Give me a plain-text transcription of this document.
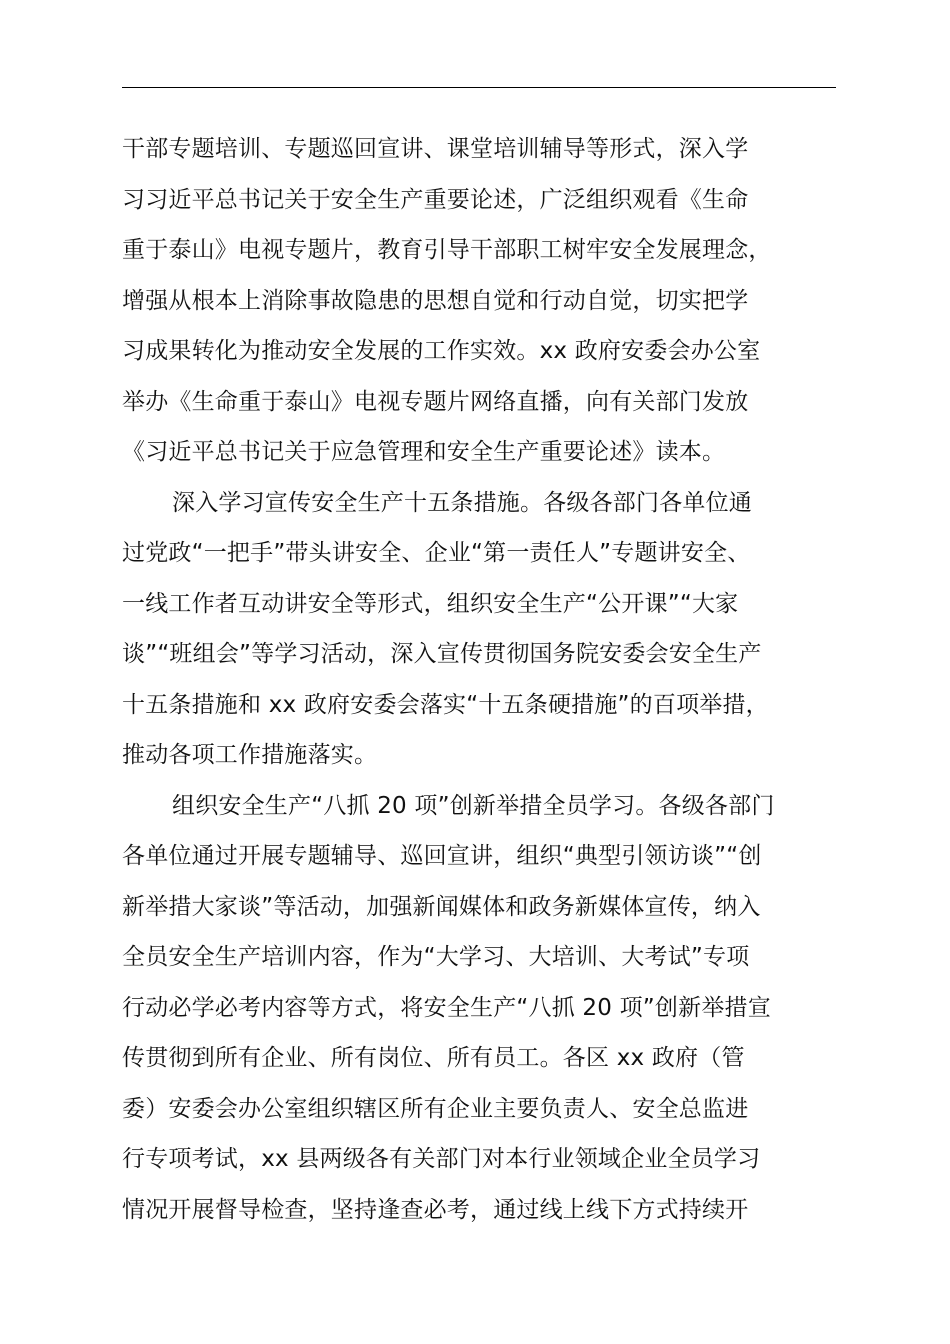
干部专题培训、专题巡回宣讲、课堂培训辅导等形式，深入学
习习近平总书记关于安全生产重要论述，广泛组织观看《生命
重于泰山》电视专题片，教育引导干部职工树牢安全发展理念，
增强从根本上消除事故隐患的思想自觉和行动自觉，切实把学
习成果转化为推动安全发展的工作实效。xx 政府安委会办公室
举办《生命重于泰山》电视专题片网络直播，向有关部门发放
《习近平总书记关于应急管理和安全生产重要论述》读本。
深入学习宣传安全生产十五条措施。各级各部门各单位通
过党政“一把手”带头讲安全、企业“第一责任人”专题讲安全、
一线工作者互动讲安全等形式，组织安全生产“公开课”“大家
谈”“班组会”等学习活动，深入宣传贯彻国务院安委会安全生产
十五条措施和 xx 政府安委会落实“十五条硬措施”的百项举措，
推动各项工作措施落实。
组织安全生产“八抓 20 项”创新举措全员学习。各级各部门
各单位通过开展专题辅导、巡回宣讲，组织“典型引领访谈”“创
新举措大家谈”等活动，加强新闻媒体和政务新媒体宣传，纳入
全员安全生产培训内容，作为“大学习、大培训、大考试”专项
行动必学必考内容等方式，将安全生产“八抓 20 项”创新举措宣
传贯彻到所有企业、所有岗位、所有员工。各区 xx 政府（管
委）安委会办公室组织辖区所有企业主要负责人、安全总监进
行专项考试，xx 县两级各有关部门对本行业领域企业全员学习
情况开展督导检查，坚持逢查必考，通过线上线下方式持续开
